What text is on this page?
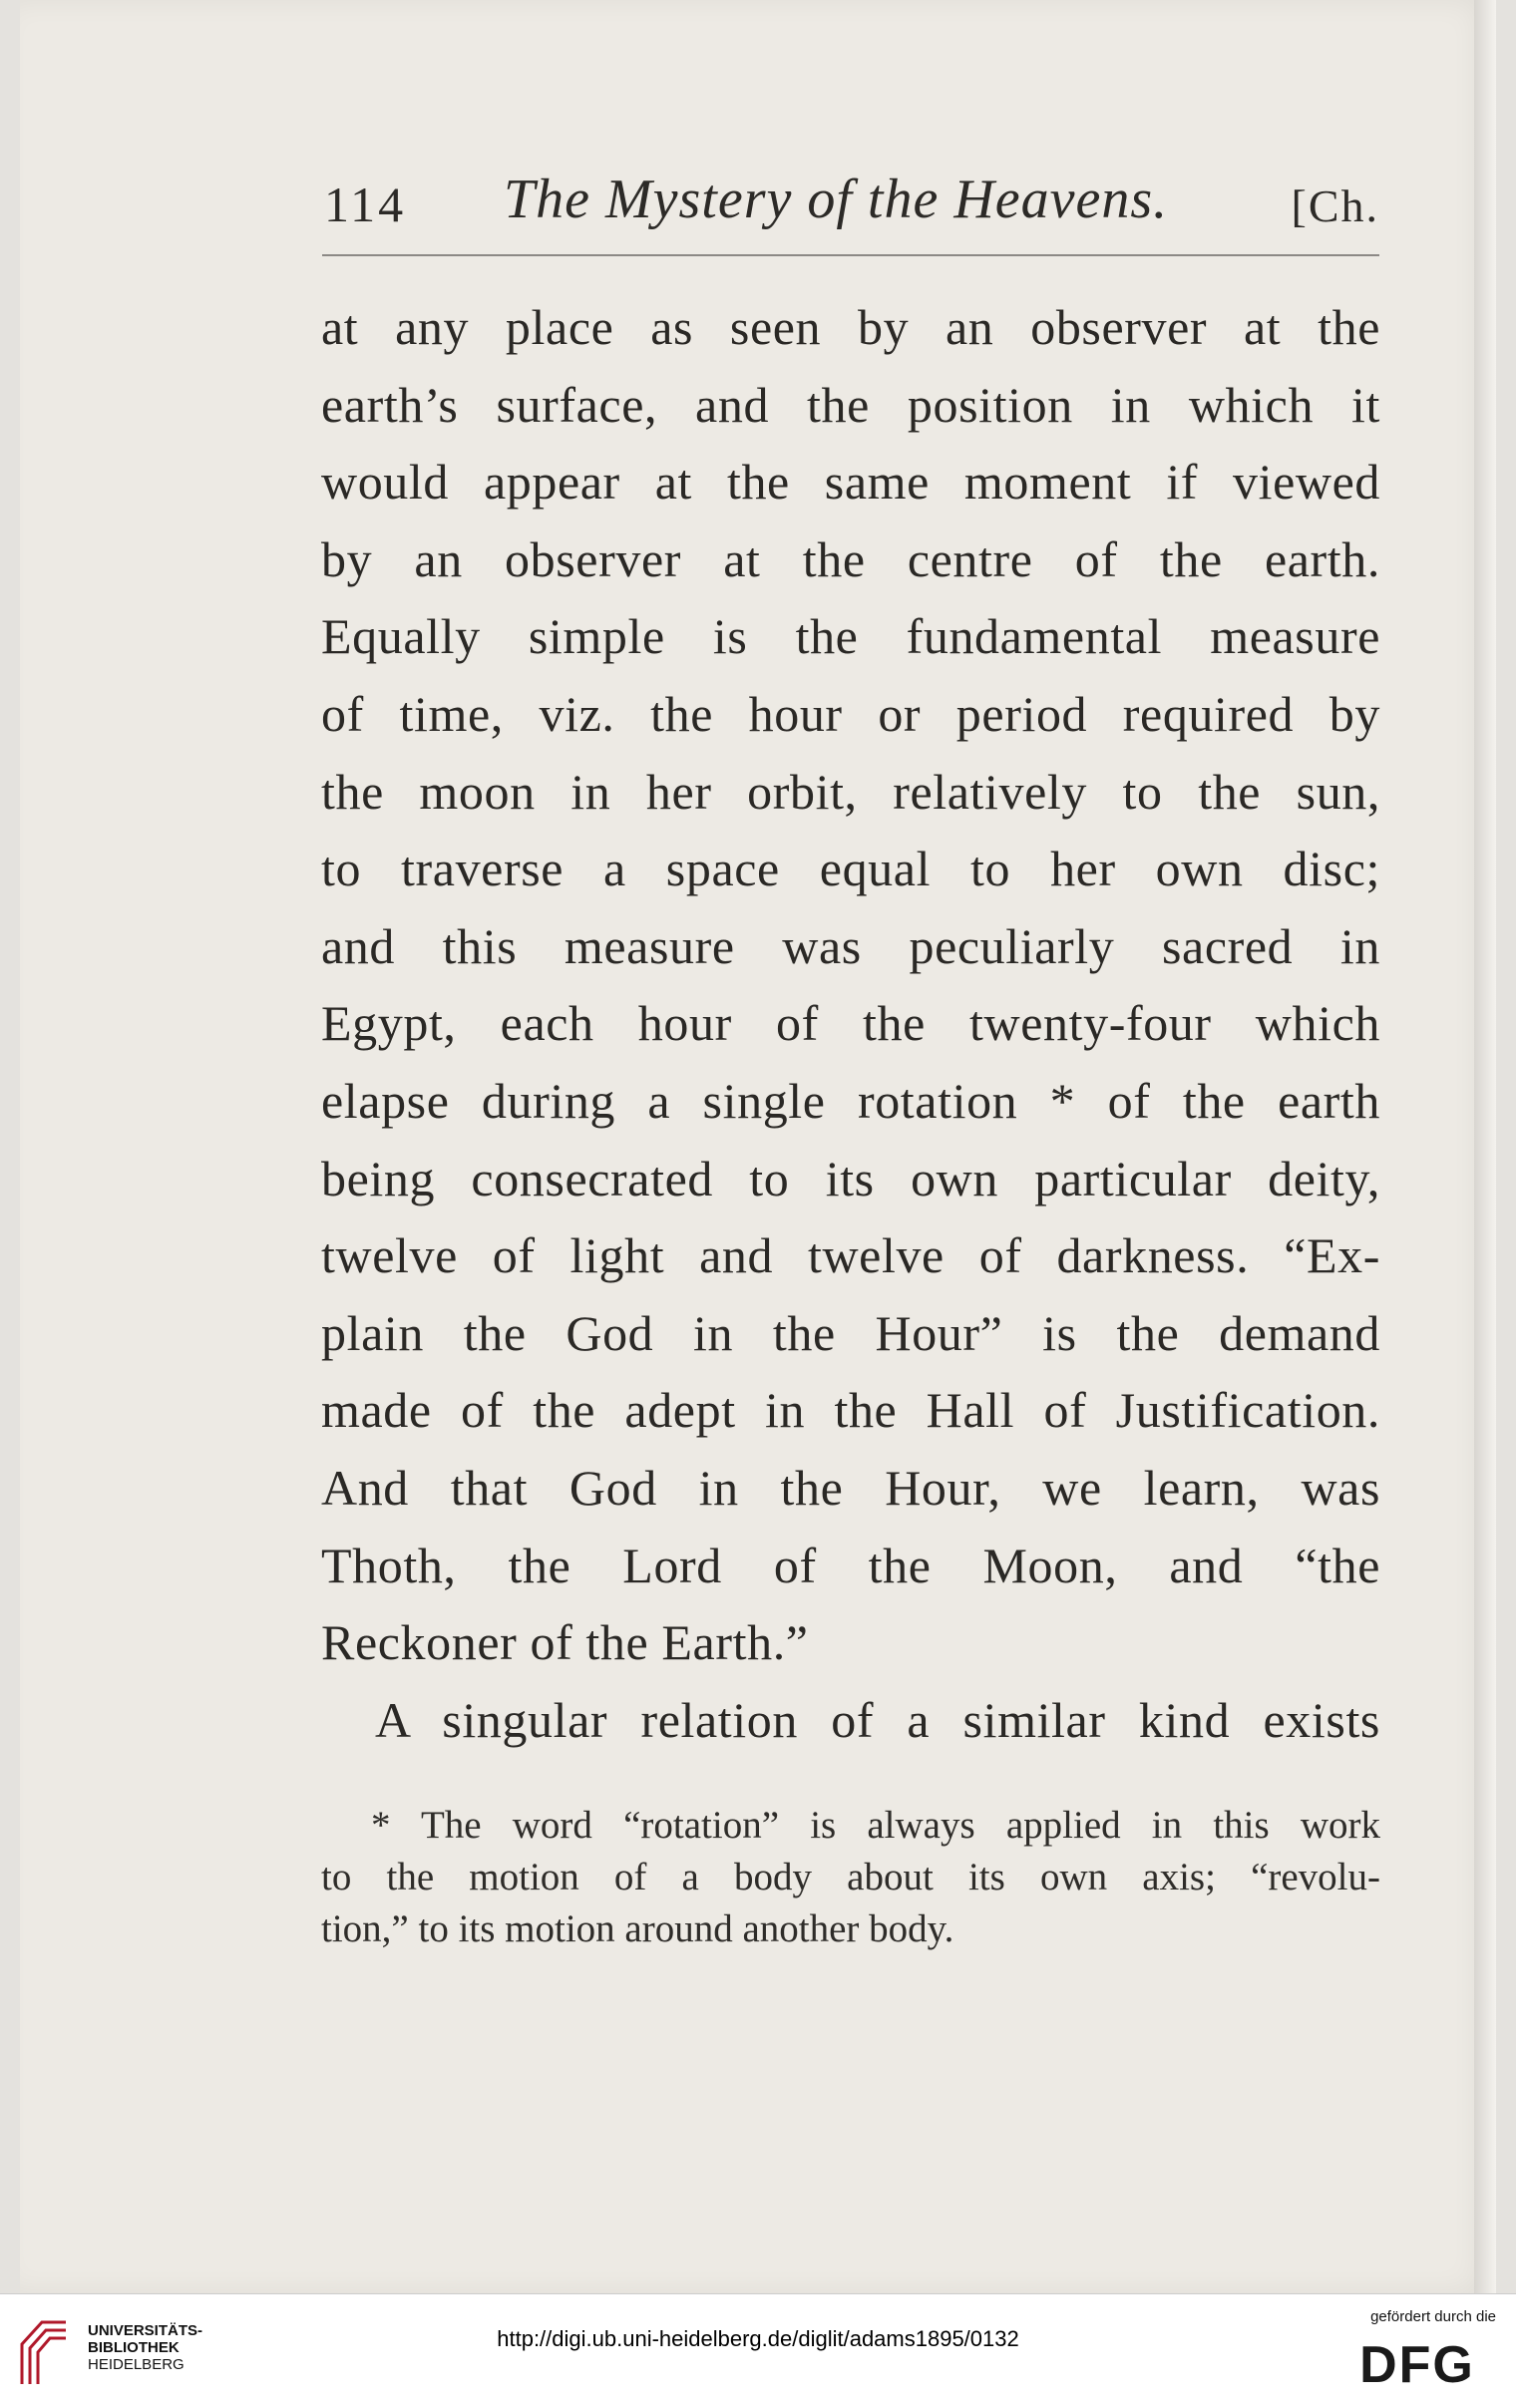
114 The Mystery of the Heavens.	[Ch.
at any place as seen by an observer at the
earth’s surface, and the position in which it
would appear at the same moment if viewed
by an observer at the centre of the earth.
Equally simple is the fundamental measure
of time, viz. the hour or period required by
the moon in her orbit, relatively to the sun,
to traverse a space equal to her own disc;
and this measure was peculiarly sacred in
Egypt, each hour of the twenty-four which
elapse during a single rotation * of the earth
being consecrated to its own particular deity,
twelve of light and twelve of darkness. “Ex-
plain the God in the Hour” is the demand
made of the adept in the Hall of Justification.
And that God in the Hour, we learn, was
Thoth, the Lord of the Moon, and “the
Reckoner of the Earth.”
A singular relation of a similar kind exists
* The word “rotation” is always applied in this work
to the motion of a body about its own axis; “revolu-
tion,” to its motion around another body.
UNIVERSITÄTS-
BIBLIOTHEK
HEIDELBERG
http://digi.ub.uni-heidelberg.de/diglit/adams1895/0132
gefördert durch die
DFG
